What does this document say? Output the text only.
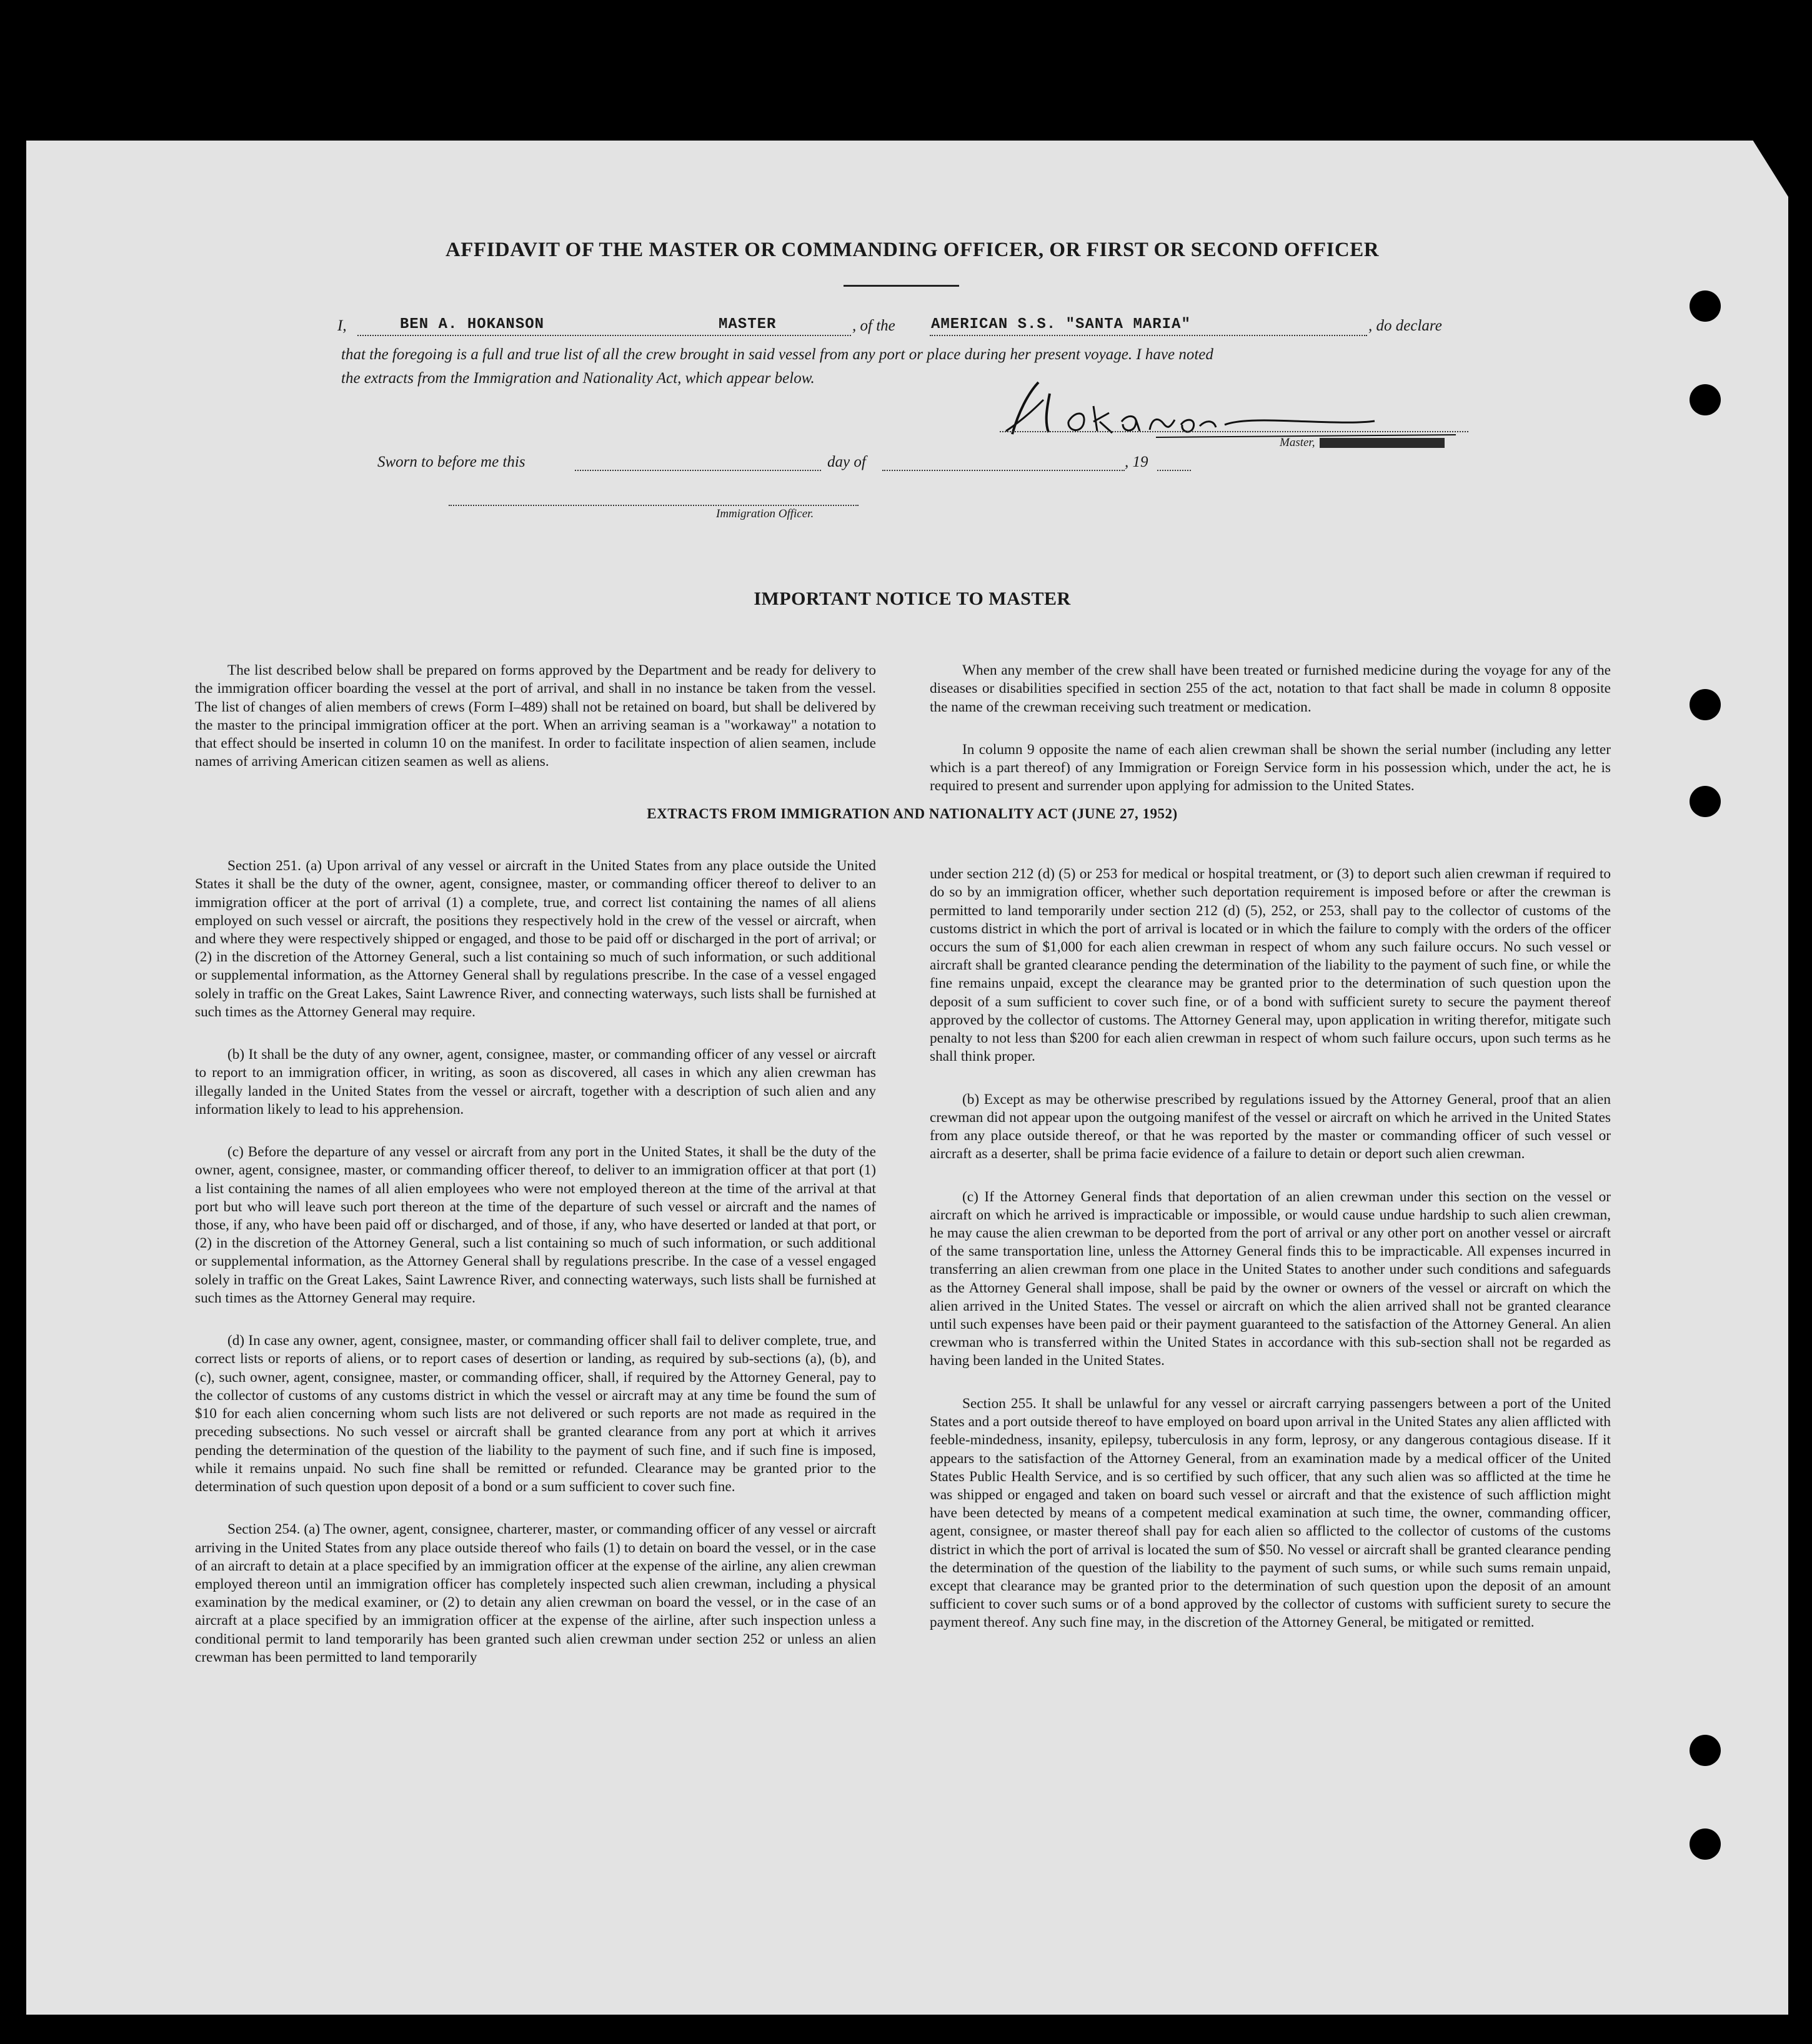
AFFIDAVIT OF THE MASTER OR COMMANDING OFFICER, OR FIRST OR SECOND OFFICER
I,	BEN A. HOKANSON	MASTER	, of the AMERICAN S.S. "SANTA MARIA"	, do declare
that the foregoing is a full and true list of all the crew brought in said vessel from any port or place during her present voyage. I have noted
the extracts from the Immigration and Nationality Act, which appear below.
Master,
Sworn to before me this	day of	, 19
Immigration Officer.
IMPORTANT NOTICE TO MASTER

The list described below shall be prepared on forms approved by the Department and be ready for delivery to the immigration officer boarding the vessel at the port of arrival, and shall in no instance be taken from the vessel. The list of changes of alien members of crews (Form I–489) shall not be retained on board, but shall be delivered by the master to the principal immigration officer at the port. When an arriving seaman is a "workaway" a notation to that effect should be inserted in column 10 on the manifest. In order to facilitate inspection of alien seamen, include names of arriving American citizen seamen as well as aliens.

When any member of the crew shall have been treated or furnished medicine during the voyage for any of the diseases or disabilities specified in section 255 of the act, notation to that fact shall be made in column 8 opposite the name of the crewman receiving such treatment or medication.

In column 9 opposite the name of each alien crewman shall be shown the serial number (including any letter which is a part thereof) of any Immigration or Foreign Service form in his possession which, under the act, he is required to present and surrender upon applying for admission to the United States.

EXTRACTS FROM IMMIGRATION AND NATIONALITY ACT (JUNE 27, 1952)

Section 251. (a) Upon arrival of any vessel or aircraft in the United States from any place outside the United States it shall be the duty of the owner, agent, consignee, master, or commanding officer thereof to deliver to an immigration officer at the port of arrival (1) a complete, true, and correct list containing the names of all aliens employed on such vessel or aircraft, the positions they respectively hold in the crew of the vessel or aircraft, when and where they were respectively shipped or engaged, and those to be paid off or discharged in the port of arrival; or (2) in the discretion of the Attorney General, such a list containing so much of such information, or such additional or supplemental information, as the Attorney General shall by regulations prescribe. In the case of a vessel engaged solely in traffic on the Great Lakes, Saint Lawrence River, and connecting waterways, such lists shall be furnished at such times as the Attorney General may require.

(b) It shall be the duty of any owner, agent, consignee, master, or commanding officer of any vessel or aircraft to report to an immigration officer, in writing, as soon as discovered, all cases in which any alien crewman has illegally landed in the United States from the vessel or aircraft, together with a description of such alien and any information likely to lead to his apprehension.

(c) Before the departure of any vessel or aircraft from any port in the United States, it shall be the duty of the owner, agent, consignee, master, or commanding officer thereof, to deliver to an immigration officer at that port (1) a list containing the names of all alien employees who were not employed thereon at the time of the arrival at that port but who will leave such port thereon at the time of the departure of such vessel or aircraft and the names of those, if any, who have been paid off or discharged, and of those, if any, who have deserted or landed at that port, or (2) in the discretion of the Attorney General, such a list containing so much of such information, or such additional or supplemental information, as the Attorney General shall by regulations prescribe. In the case of a vessel engaged solely in traffic on the Great Lakes, Saint Lawrence River, and connecting waterways, such lists shall be furnished at such times as the Attorney General may require.

(d) In case any owner, agent, consignee, master, or commanding officer shall fail to deliver complete, true, and correct lists or reports of aliens, or to report cases of desertion or landing, as required by sub-sections (a), (b), and (c), such owner, agent, consignee, master, or commanding officer, shall, if required by the Attorney General, pay to the collector of customs of any customs district in which the vessel or aircraft may at any time be found the sum of $10 for each alien concerning whom such lists are not delivered or such reports are not made as required in the preceding subsections. No such vessel or aircraft shall be granted clearance from any port at which it arrives pending the determination of the question of the liability to the payment of such fine, and if such fine is imposed, while it remains unpaid. No such fine shall be remitted or refunded. Clearance may be granted prior to the determination of such question upon deposit of a bond or a sum sufficient to cover such fine.

Section 254. (a) The owner, agent, consignee, charterer, master, or commanding officer of any vessel or aircraft arriving in the United States from any place outside thereof who fails (1) to detain on board the vessel, or in the case of an aircraft to detain at a place specified by an immigration officer at the expense of the airline, any alien crewman employed thereon until an immigration officer has completely inspected such alien crewman, including a physical examination by the medical examiner, or (2) to detain any alien crewman on board the vessel, or in the case of an aircraft at a place specified by an immigration officer at the expense of the airline, after such inspection unless a conditional permit to land temporarily has been granted such alien crewman under section 252 or unless an alien crewman has been permitted to land temporarily

under section 212 (d) (5) or 253 for medical or hospital treatment, or (3) to deport such alien crewman if required to do so by an immigration officer, whether such deportation requirement is imposed before or after the crewman is permitted to land temporarily under section 212 (d) (5), 252, or 253, shall pay to the collector of customs of the customs district in which the port of arrival is located or in which the failure to comply with the orders of the officer occurs the sum of $1,000 for each alien crewman in respect of whom any such failure occurs. No such vessel or aircraft shall be granted clearance pending the determination of the liability to the payment of such fine, or while the fine remains unpaid, except the clearance may be granted prior to the determination of such question upon the deposit of a sum sufficient to cover such fine, or of a bond with sufficient surety to secure the payment thereof approved by the collector of customs. The Attorney General may, upon application in writing therefor, mitigate such penalty to not less than $200 for each alien crewman in respect of whom such failure occurs, upon such terms as he shall think proper.

(b) Except as may be otherwise prescribed by regulations issued by the Attorney General, proof that an alien crewman did not appear upon the outgoing manifest of the vessel or aircraft on which he arrived in the United States from any place outside thereof, or that he was reported by the master or commanding officer of such vessel or aircraft as a deserter, shall be prima facie evidence of a failure to detain or deport such alien crewman.

(c) If the Attorney General finds that deportation of an alien crewman under this section on the vessel or aircraft on which he arrived is impracticable or impossible, or would cause undue hardship to such alien crewman, he may cause the alien crewman to be deported from the port of arrival or any other port on another vessel or aircraft of the same transportation line, unless the Attorney General finds this to be impracticable. All expenses incurred in transferring an alien crewman from one place in the United States to another under such conditions and safeguards as the Attorney General shall impose, shall be paid by the owner or owners of the vessel or aircraft on which the alien arrived in the United States. The vessel or aircraft on which the alien arrived shall not be granted clearance until such expenses have been paid or their payment guaranteed to the satisfaction of the Attorney General. An alien crewman who is transferred within the United States in accordance with this sub-section shall not be regarded as having been landed in the United States.

Section 255. It shall be unlawful for any vessel or aircraft carrying passengers between a port of the United States and a port outside thereof to have employed on board upon arrival in the United States any alien afflicted with feeble-mindedness, insanity, epilepsy, tuberculosis in any form, leprosy, or any dangerous contagious disease. If it appears to the satisfaction of the Attorney General, from an examination made by a medical officer of the United States Public Health Service, and is so certified by such officer, that any such alien was so afflicted at the time he was shipped or engaged and taken on board such vessel or aircraft and that the existence of such affliction might have been detected by means of a competent medical examination at such time, the owner, commanding officer, agent, consignee, or master thereof shall pay for each alien so afflicted to the collector of customs of the customs district in which the port of arrival is located the sum of $50. No vessel or aircraft shall be granted clearance pending the determination of the question of the liability to the payment of such sums, or while such sums remain unpaid, except that clearance may be granted prior to the determination of such question upon the deposit of an amount sufficient to cover such sums or of a bond approved by the collector of customs with sufficient surety to secure the payment thereof. Any such fine may, in the discretion of the Attorney General, be mitigated or remitted.
